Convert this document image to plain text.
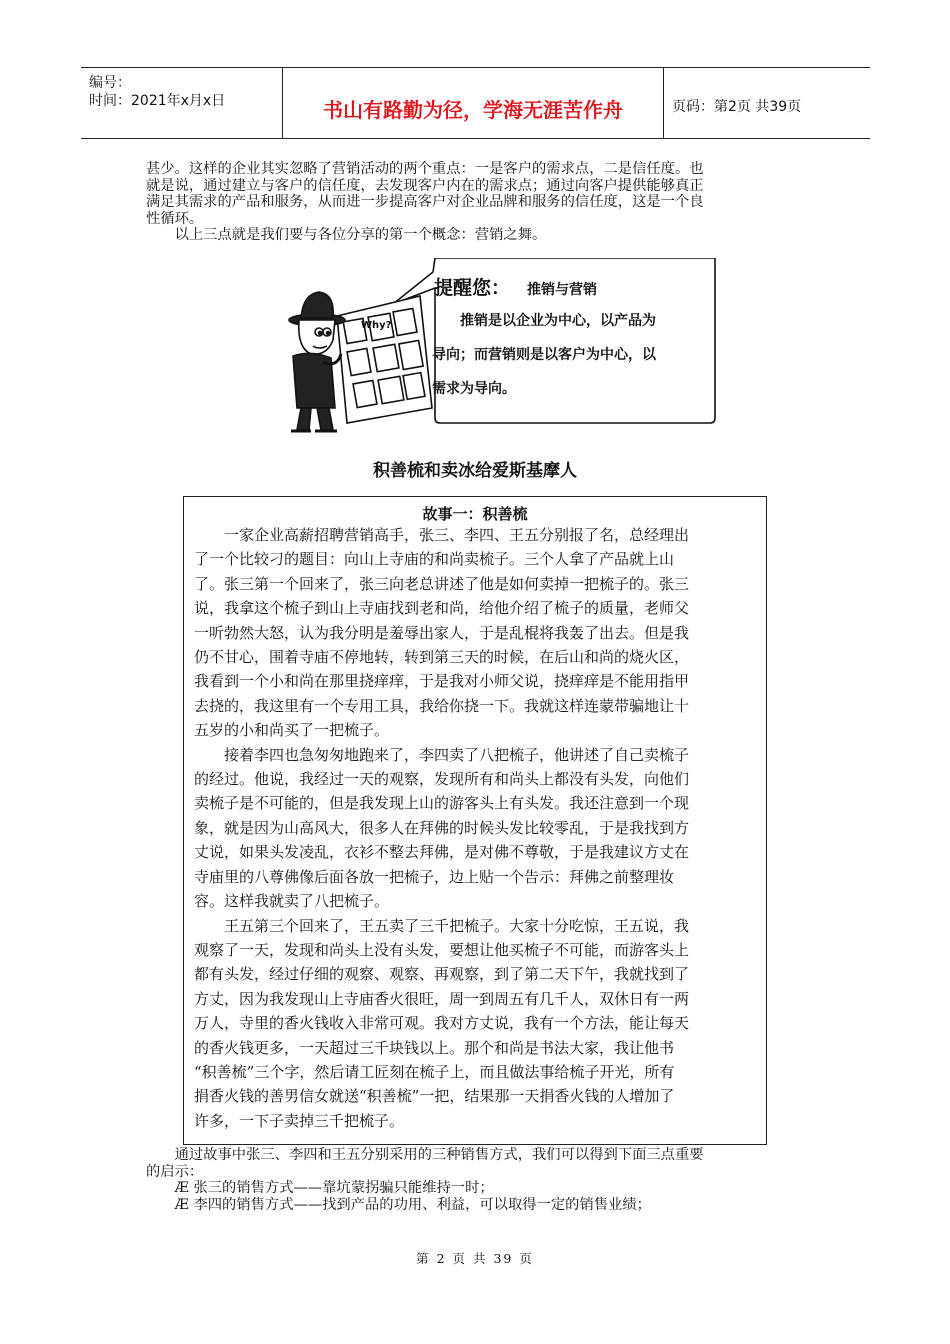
编号：
时间：2021年x月x日	书山有路勤为径，学海无涯苦作舟	页码：第2页 共39页
甚少。这样的企业其实忽略了营销活动的两个重点：一是客户的需求点，二是信任度。也
就是说，通过建立与客户的信任度，去发现客户内在的需求点；通过向客户提供能够真正
满足其需求的产品和服务，从而进一步提高客户对企业品牌和服务的信任度，这是一个良
性循环。
　　以上三点就是我们要与各位分享的第一个概念：营销之舞。
Why?
提醒您： 推销与营销
　　推销是以企业为中心，以产品为
导向；而营销则是以客户为中心，以
需求为导向。
积善梳和卖冰给爱斯基摩人
故事一：积善梳
　　一家企业高薪招聘营销高手，张三、李四、王五分别报了名，总经理出
了一个比较刁的题目：向山上寺庙的和尚卖梳子。三个人拿了产品就上山
了。张三第一个回来了，张三向老总讲述了他是如何卖掉一把梳子的。张三
说，我拿这个梳子到山上寺庙找到老和尚，给他介绍了梳子的质量，老师父
一听勃然大怒，认为我分明是羞辱出家人，于是乱棍将我轰了出去。但是我
仍不甘心，围着寺庙不停地转，转到第三天的时候，在后山和尚的烧火区，
我看到一个小和尚在那里挠痒痒，于是我对小师父说，挠痒痒是不能用指甲
去挠的，我这里有一个专用工具，我给你挠一下。我就这样连蒙带骗地让十
五岁的小和尚买了一把梳子。
　　接着李四也急匆匆地跑来了，李四卖了八把梳子，他讲述了自己卖梳子
的经过。他说，我经过一天的观察，发现所有和尚头上都没有头发，向他们
卖梳子是不可能的，但是我发现上山的游客头上有头发。我还注意到一个现
象，就是因为山高风大，很多人在拜佛的时候头发比较零乱，于是我找到方
丈说，如果头发凌乱，衣衫不整去拜佛，是对佛不尊敬，于是我建议方丈在
寺庙里的八尊佛像后面各放一把梳子，边上贴一个告示：拜佛之前整理妆
容。这样我就卖了八把梳子。
　　王五第三个回来了，王五卖了三千把梳子。大家十分吃惊，王五说，我
观察了一天，发现和尚头上没有头发，要想让他买梳子不可能，而游客头上
都有头发，经过仔细的观察、观察、再观察，到了第二天下午，我就找到了
方丈，因为我发现山上寺庙香火很旺，周一到周五有几千人，双休日有一两
万人，寺里的香火钱收入非常可观。我对方丈说，我有一个方法，能让每天
的香火钱更多，一天超过三千块钱以上。那个和尚是书法大家，我让他书
“积善梳”三个字，然后请工匠刻在梳子上，而且做法事给梳子开光，所有
捐香火钱的善男信女就送“积善梳”一把，结果那一天捐香火钱的人增加了
许多，一下子卖掉三千把梳子。
　　通过故事中张三、李四和王五分别采用的三种销售方式，我们可以得到下面三点重要
的启示：
　　Æ 张三的销售方式——靠坑蒙拐骗只能维持一时；
　　Æ 李四的销售方式——找到产品的功用、利益，可以取得一定的销售业绩；
第 2 页 共 39 页
